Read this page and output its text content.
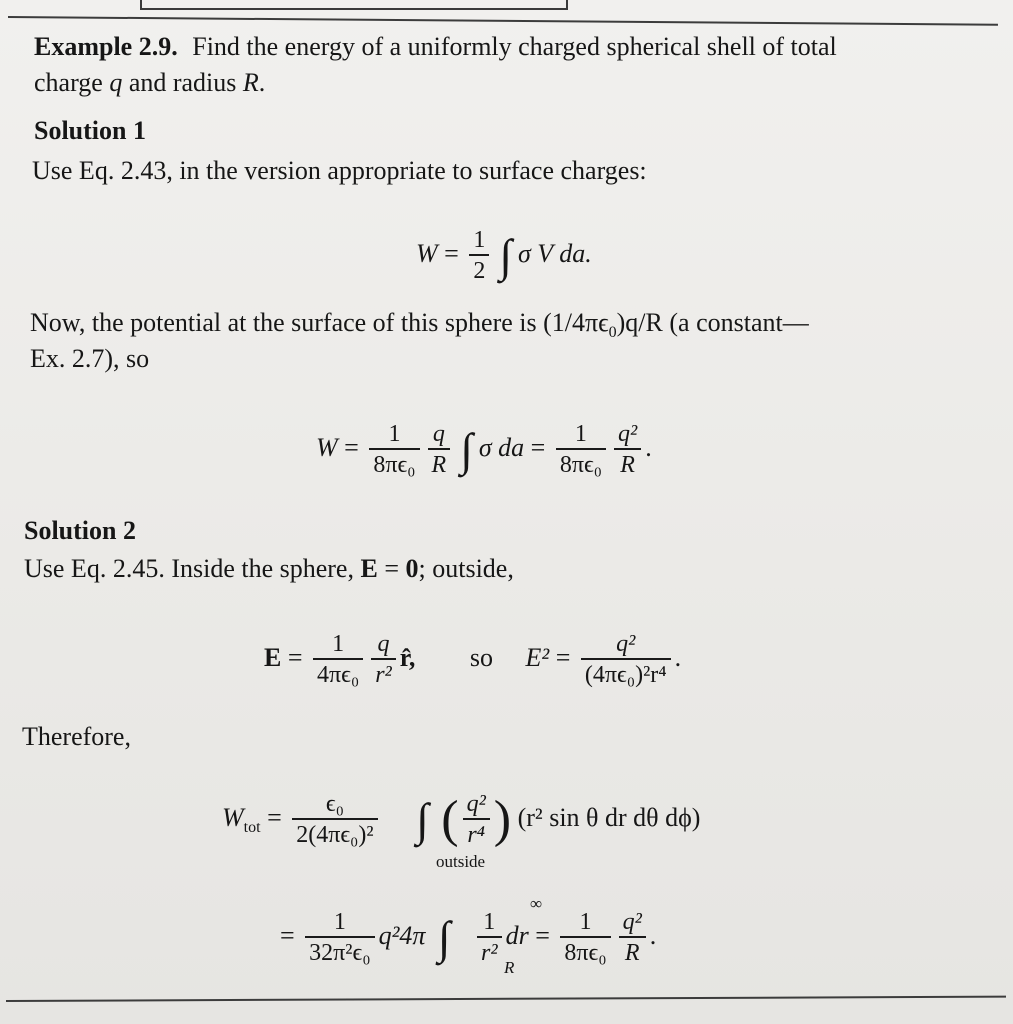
Example 2.9. Find the energy of a uniformly charged spherical shell of total
charge q and radius R.
Solution 1
Use Eq. 2.43, in the version appropriate to surface charges:
$W = \frac{1}{2}$ ∫ σ V da.
Now, the potential at the surface of this sphere is $(1/4\pi\epsilon_0)q/R$ (a constant—
Ex. 2.7), so
$W = \frac{1}{\text{8πϵ₀}} \frac{q}{R}$ ∫ σ da = $\frac{1}{\text{8πϵ₀}} \frac{\text{q²}}{R}$ .
Solution 2
Use Eq. 2.45. Inside the sphere, E = 0; outside,
$E = \frac{1}{\text{4πϵ₀}} \frac{q}{\text{r²}}$ r̂, so $E^2 = \frac{\text{q²}}{\text{(4πϵ₀)²r⁴}}$ .
Therefore,
$W_{tot} = \frac{\text{ϵ₀}}{\text{2(4πϵ₀)²}}$ ∫ ( $\frac{\text{q²}}{\text{r⁴}}$ ) (r² sin θ dr dθ dϕ)
outside
= $\frac{1}{\text{32π²ϵ₀}} q^24\pi$ ∫ $\frac{1}{\text{r²}}$ dr = $\frac{1}{\text{8πϵ₀}} \frac{\text{q²}}{R}$ .
∞
R
